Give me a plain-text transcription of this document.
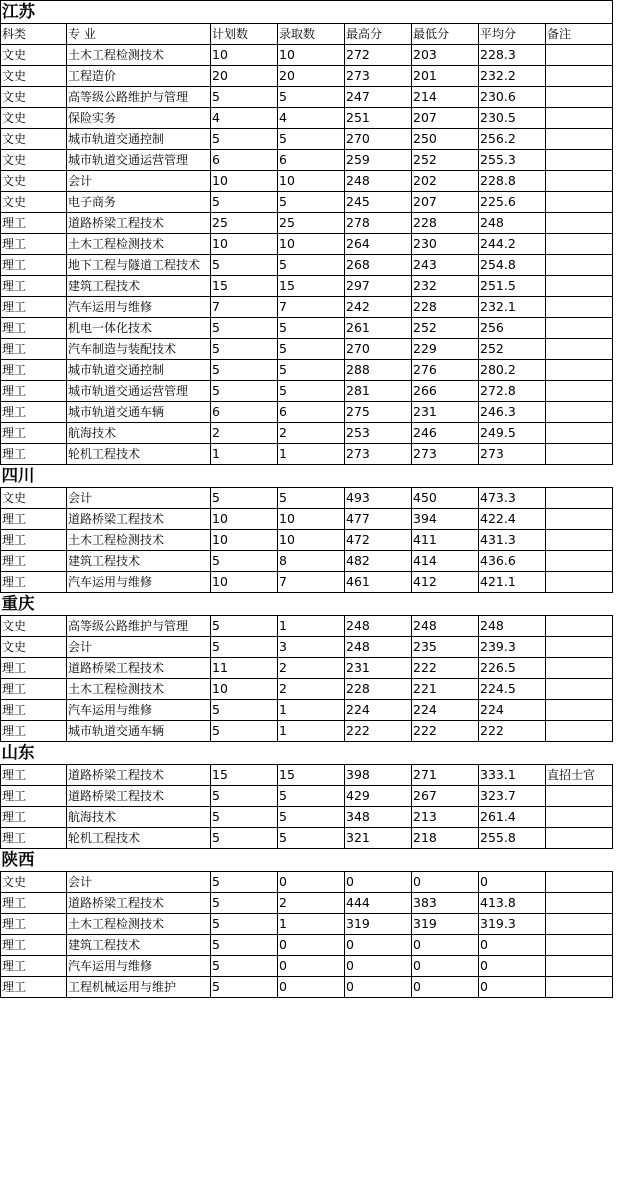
江苏							
科类	专 业	计划数	录取数	最高分	最低分	平均分	备注
文史	土木工程检测技术	10	10	272	203	228.3	
文史	工程造价	20	20	273	201	232.2	
文史	高等级公路维护与管理	5	5	247	214	230.6	
文史	保险实务	4	4	251	207	230.5	
文史	城市轨道交通控制	5	5	270	250	256.2	
文史	城市轨道交通运营管理	6	6	259	252	255.3	
文史	会计	10	10	248	202	228.8	
文史	电子商务	5	5	245	207	225.6	
理工	道路桥梁工程技术	25	25	278	228	248	
理工	土木工程检测技术	10	10	264	230	244.2	
理工	地下工程与隧道工程技术	5	5	268	243	254.8	
理工	建筑工程技术	15	15	297	232	251.5	
理工	汽车运用与维修	7	7	242	228	232.1	
理工	机电一体化技术	5	5	261	252	256	
理工	汽车制造与装配技术	5	5	270	229	252	
理工	城市轨道交通控制	5	5	288	276	280.2	
理工	城市轨道交通运营管理	5	5	281	266	272.8	
理工	城市轨道交通车辆	6	6	275	231	246.3	
理工	航海技术	2	2	253	246	249.5	
理工	轮机工程技术	1	1	273	273	273	
四川							
文史	会计	5	5	493	450	473.3	
理工	道路桥梁工程技术	10	10	477	394	422.4	
理工	土木工程检测技术	10	10	472	411	431.3	
理工	建筑工程技术	5	8	482	414	436.6	
理工	汽车运用与维修	10	7	461	412	421.1	
重庆							
文史	高等级公路维护与管理	5	1	248	248	248	
文史	会计	5	3	248	235	239.3	
理工	道路桥梁工程技术	11	2	231	222	226.5	
理工	土木工程检测技术	10	2	228	221	224.5	
理工	汽车运用与维修	5	1	224	224	224	
理工	城市轨道交通车辆	5	1	222	222	222	
山东							
理工	道路桥梁工程技术	15	15	398	271	333.1	直招士官
理工	道路桥梁工程技术	5	5	429	267	323.7	
理工	航海技术	5	5	348	213	261.4	
理工	轮机工程技术	5	5	321	218	255.8	
陕西							
文史	会计	5	0	0	0	0	
理工	道路桥梁工程技术	5	2	444	383	413.8	
理工	土木工程检测技术	5	1	319	319	319.3	
理工	建筑工程技术	5	0	0	0	0	
理工	汽车运用与维修	5	0	0	0	0	
理工	工程机械运用与维护	5	0	0	0	0	
